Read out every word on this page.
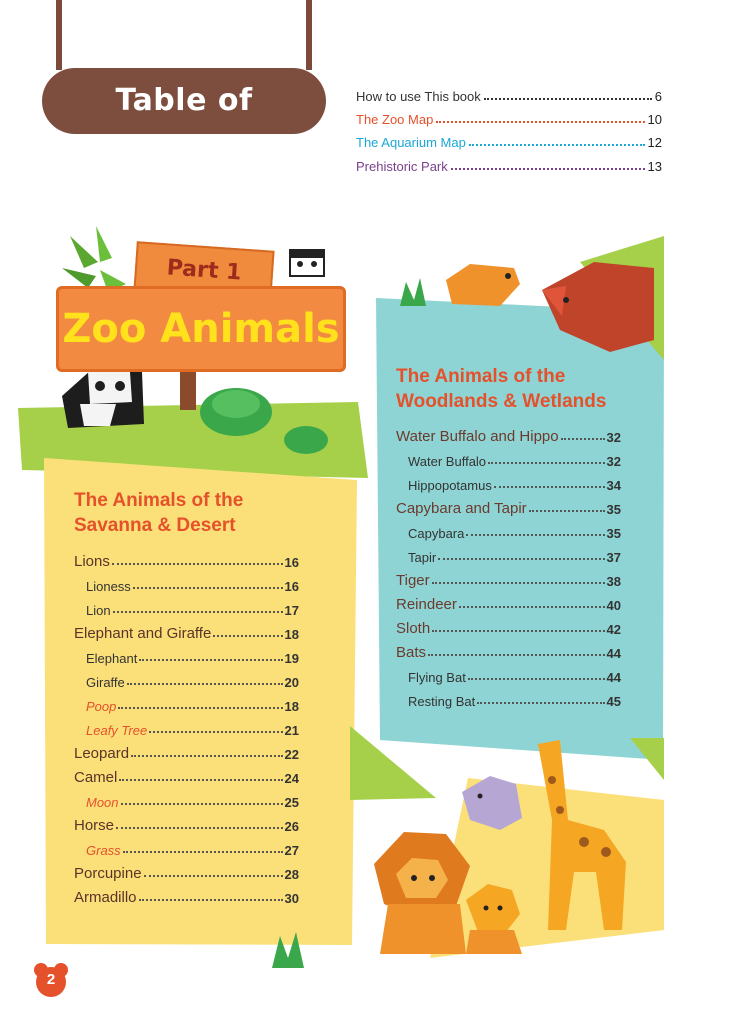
Table of Contents
How to use This book	6
The Zoo Map	10
The Aquarium Map	12
Prehistoric Park	13
Part 1
Zoo Animals
The Animals of the
Savanna & Desert
Lions	16
Lioness	16
Lion	17
Elephant and Giraffe	18
Elephant	19
Giraffe	20
Poop	18
Leafy Tree	21
Leopard	22
Camel	24
Moon	25
Horse	26
Grass	27
Porcupine	28
Armadillo	30
The Animals of the
Woodlands & Wetlands
Water Buffalo and Hippo	32
Water Buffalo	32
Hippopotamus	34
Capybara and Tapir	35
Capybara	35
Tapir	37
Tiger	38
Reindeer	40
Sloth	42
Bats	44
Flying Bat	44
Resting Bat	45
2
